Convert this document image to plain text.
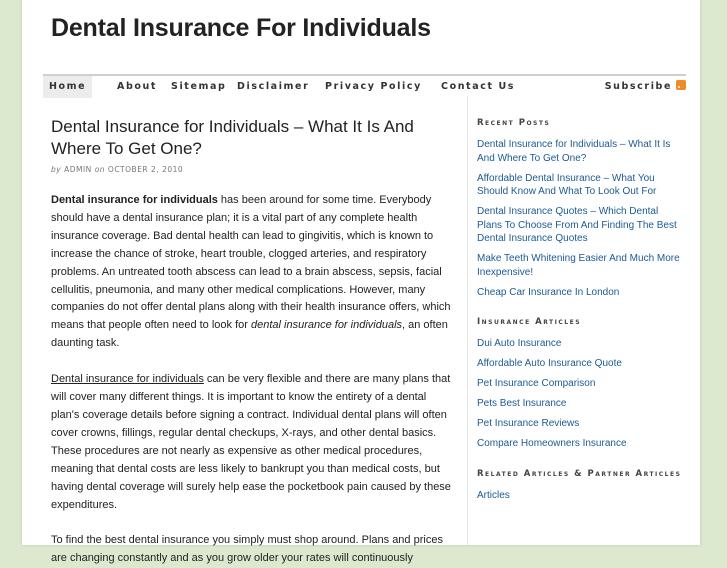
Dental Insurance For Individuals
Home	About	Sitemap	Disclaimer	Privacy Policy	Contact Us	Subscribe
Dental Insurance for Individuals – What It Is And Where To Get One?
by ADMIN on OCTOBER 2, 2010

Dental insurance for individuals has been around for some time. Everybody should have a dental insurance plan; it is a vital part of any complete health insurance coverage. Bad dental health can lead to gingivitis, which is known to increase the chance of stroke, heart trouble, clogged arteries, and respiratory problems. An untreated tooth abscess can lead to a brain abscess, sepsis, facial cellulitis, pneumonia, and many other medical complications. However, many companies do not offer dental plans along with their health insurance offers, which means that people often need to look for dental insurance for individuals, an often daunting task.

Dental insurance for individuals can be very flexible and there are many plans that will cover many different things. It is important to know the entirety of a dental plan's coverage details before signing a contract. Individual dental plans will often cover crowns, fillings, regular dental checkups, X-rays, and other dental basics. These procedures are not nearly as expensive as other medical procedures, meaning that dental costs are less likely to bankrupt you than medical costs, but having dental coverage will surely help ease the pocketbook pain caused by these expenditures.

To find the best dental insurance you simply must shop around. Plans and prices are changing constantly and as you grow older your rates will continuously

Recent Posts
Dental Insurance for Individuals – What It Is And Where To Get One?
Affordable Dental Insurance – What You Should Know And What To Look Out For
Dental Insurance Quotes – Which Dental Plans To Choose From And Finding The Best Dental Insurance Quotes
Make Teeth Whitening Easier And Much More Inexpensive!
Cheap Car Insurance In London
Insurance Articles
Dui Auto Insurance
Affordable Auto Insurance Quote
Pet Insurance Comparison
Pets Best Insurance
Pet Insurance Reviews
Compare Homeowners Insurance
Related Articles & Partner Articles
Articles
